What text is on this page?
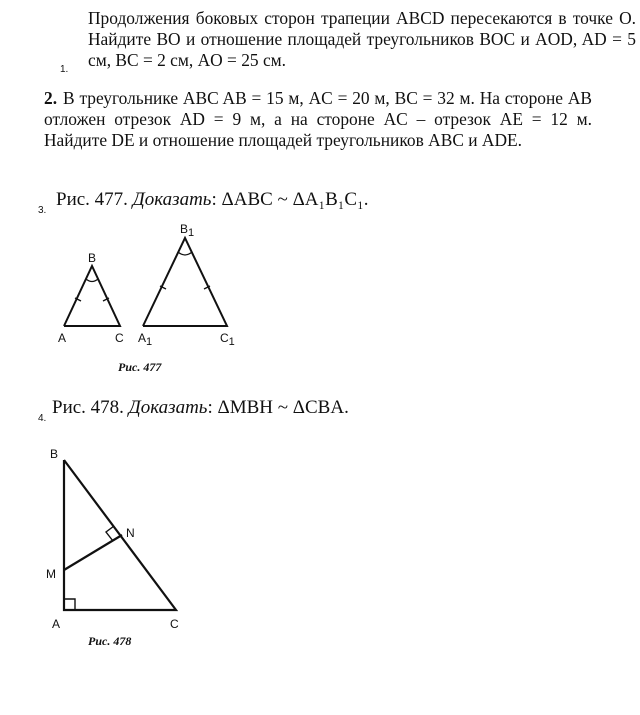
Продолжения боковых сторон трапеции ABCD пересекаются в точке O. Найдите BO и отношение площадей треугольников BOC и AOD, AD = 5 см, BC = 2 см, AO = 25 см.
1.
2. В треугольнике ABC AB = 15 м, AC = 20 м, BC = 32 м. На стороне AB отложен отрезок AD = 9 м, а на стороне AC – отрезок AE = 12 м. Найдите DE и отношение площадей треугольников ABC и ADE.
3.
Рис. 477. Доказать: ΔABC ~ ΔA₁B₁C₁.
B
A	C
B1
A1	C1
Рис. 477
4.
Рис. 478. Доказать: ΔMBH ~ ΔCBA.
B
N
M
A	C
Рис. 478
